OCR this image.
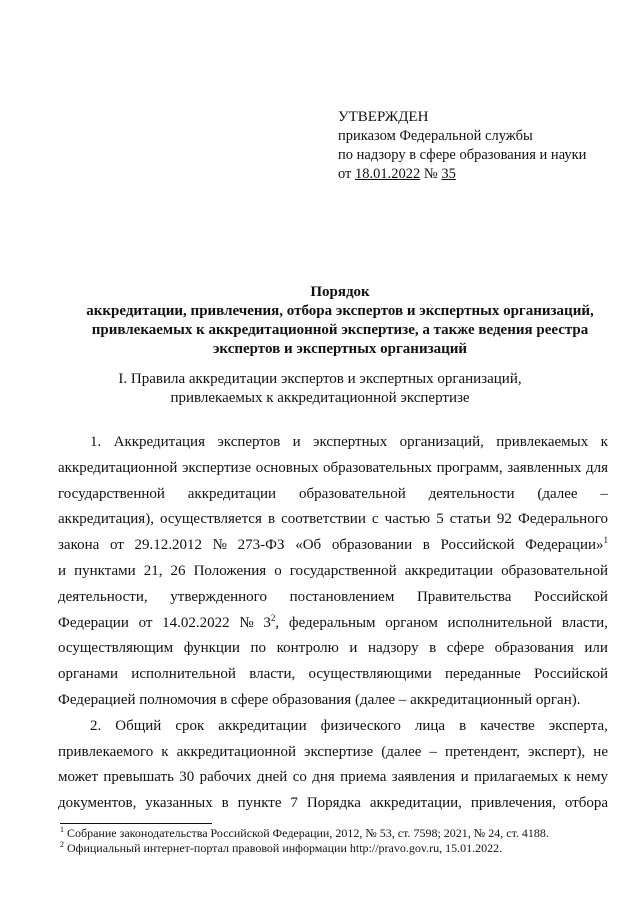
УТВЕРЖДЕН
приказом Федеральной службы
по надзору в сфере образования и науки
от 18.01.2022 № 35
Порядок
аккредитации, привлечения, отбора экспертов и экспертных организаций,
привлекаемых к аккредитационной экспертизе, а также ведения реестра
экспертов и экспертных организаций
I. Правила аккредитации экспертов и экспертных организаций,
привлекаемых к аккредитационной экспертизе
1. Аккредитация экспертов и экспертных организаций, привлекаемых к
аккредитационной экспертизе основных образовательных программ, заявленных для
государственной аккредитации образовательной деятельности (далее –
аккредитация), осуществляется в соответствии с частью 5 статьи 92 Федерального
закона от 29.12.2012 № 273-ФЗ «Об образовании в Российской Федерации»$^1$
и пунктами 21, 26 Положения о государственной аккредитации образовательной
деятельности, утвержденного постановлением Правительства Российской
Федерации от 14.02.2022 № $3^2$, федеральным органом исполнительной власти,
осуществляющим функции по контролю и надзору в сфере образования или
органами исполнительной власти, осуществляющими переданные Российской
Федерацией полномочия в сфере образования (далее – аккредитационный орган).
2. Общий срок аккредитации физического лица в качестве эксперта,
привлекаемого к аккредитационной экспертизе (далее – претендент, эксперт), не
может превышать 30 рабочих дней со дня приема заявления и прилагаемых к нему
документов, указанных в пункте 7 Порядка аккредитации, привлечения, отбора
$^1$ Собрание законодательства Российской Федерации, 2012, № 53, ст. 7598; 2021, № 24, ст. 4188.
$^2$ Официальный интернет-портал правовой информации http://pravo.gov.ru, 15.01.2022.
